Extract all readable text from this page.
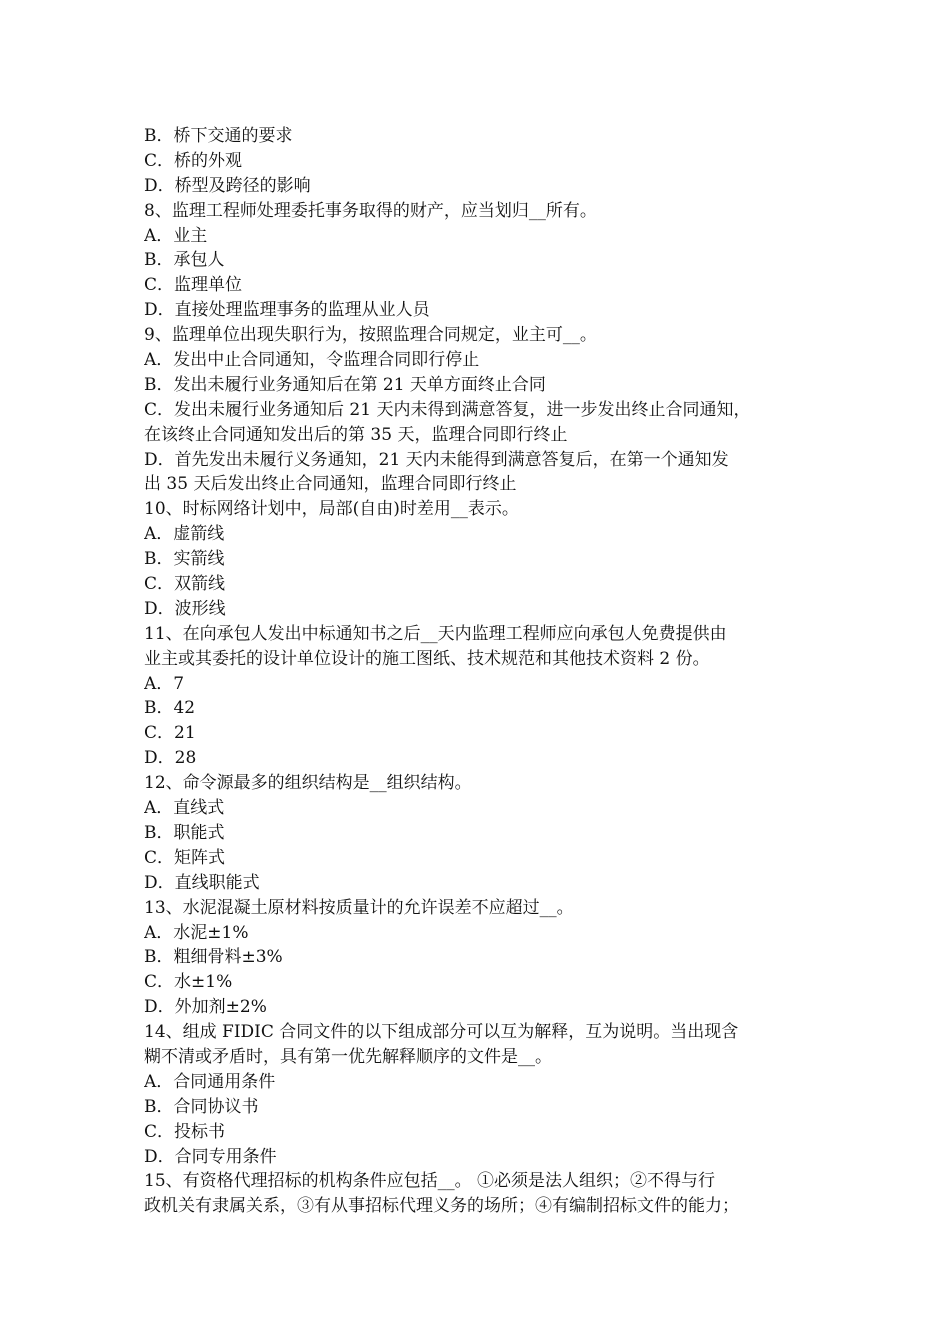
B．桥下交通的要求
C．桥的外观
D．桥型及跨径的影响
8、监理工程师处理委托事务取得的财产，应当划归__所有。
A．业主
B．承包人
C．监理单位
D．直接处理监理事务的监理从业人员
9、监理单位出现失职行为，按照监理合同规定，业主可__。
A．发出中止合同通知，令监理合同即行停止
B．发出未履行业务通知后在第 21 天单方面终止合同
C．发出未履行业务通知后 21 天内未得到满意答复，进一步发出终止合同通知，
在该终止合同通知发出后的第 35 天，监理合同即行终止
D．首先发出未履行义务通知，21 天内未能得到满意答复后，在第一个通知发
出 35 天后发出终止合同通知，监理合同即行终止
10、时标网络计划中，局部(自由)时差用__表示。
A．虚箭线
B．实箭线
C．双箭线
D．波形线
11、在向承包人发出中标通知书之后__天内监理工程师应向承包人免费提供由
业主或其委托的设计单位设计的施工图纸、技术规范和其他技术资料 2 份。
A．7
B．42
C．21
D．28
12、命令源最多的组织结构是__组织结构。
A．直线式
B．职能式
C．矩阵式
D．直线职能式
13、水泥混凝土原材料按质量计的允许误差不应超过__。
A．水泥±1%
B．粗细骨料±3%
C．水±1%
D．外加剂±2%
14、组成 FIDIC 合同文件的以下组成部分可以互为解释，互为说明。当出现含
糊不清或矛盾时，具有第一优先解释顺序的文件是__。
A．合同通用条件
B．合同协议书
C．投标书
D．合同专用条件
15、有资格代理招标的机构条件应包括__。 ①必须是法人组织；②不得与行
政机关有隶属关系，③有从事招标代理义务的场所；④有编制招标文件的能力；
